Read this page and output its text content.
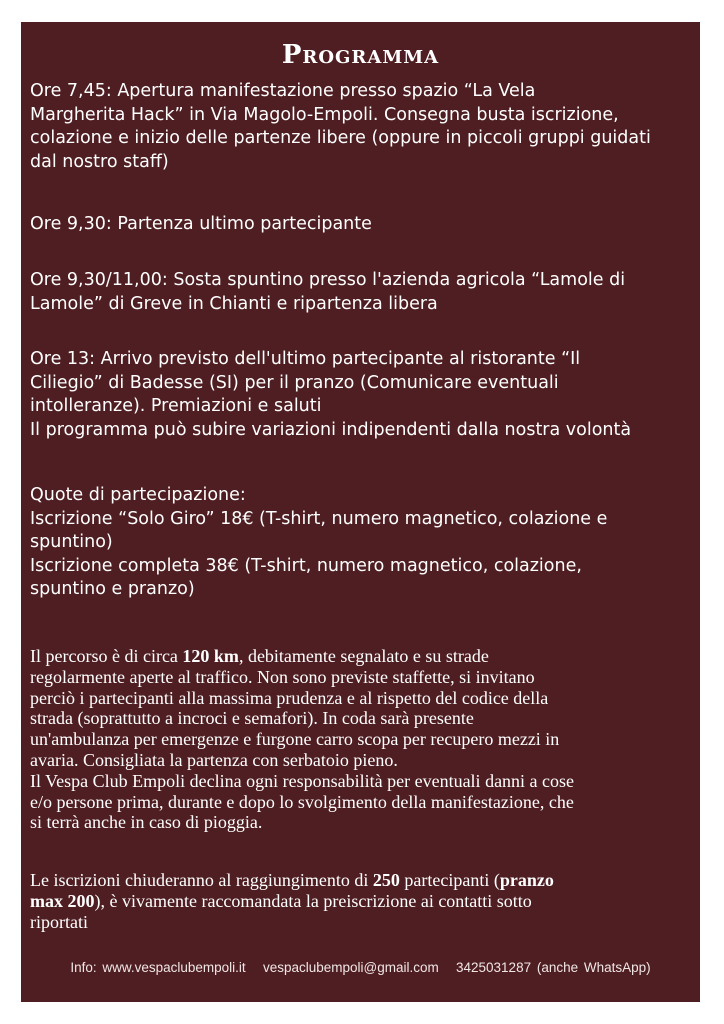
Programma
Ore 7,45: Apertura manifestazione presso spazio “La Vela
Margherita Hack” in Via Magolo-Empoli. Consegna busta iscrizione,
colazione e inizio delle partenze libere (oppure in piccoli gruppi guidati
dal nostro staff)
Ore 9,30: Partenza ultimo partecipante
Ore 9,30/11,00: Sosta spuntino presso l'azienda agricola “Lamole di
Lamole” di Greve in Chianti e ripartenza libera
Ore 13: Arrivo previsto dell'ultimo partecipante al ristorante “Il
Ciliegio” di Badesse (SI) per il pranzo (Comunicare eventuali
intolleranze). Premiazioni e saluti
Il programma può subire variazioni indipendenti dalla nostra volontà
Quote di partecipazione:
Iscrizione “Solo Giro” 18€ (T-shirt, numero magnetico, colazione e
spuntino)
Iscrizione completa 38€ (T-shirt, numero magnetico, colazione,
spuntino e pranzo)

Il percorso è di circa 120 km, debitamente segnalato e su strade

regolarmente aperte al traffico. Non sono previste staffette, si invitano

perciò i partecipanti alla massima prudenza e al rispetto del codice della

strada (soprattutto a incroci e semafori). In coda sarà presente

un'ambulanza per emergenze e furgone carro scopa per recupero mezzi in

avaria. Consigliata la partenza con serbatoio pieno.

Il Vespa Club Empoli declina ogni responsabilità per eventuali danni a cose

e/o persone prima, durante e dopo lo svolgimento della manifestazione, che

si terrà anche in caso di pioggia.

Le iscrizioni chiuderanno al raggiungimento di 250 partecipanti (pranzo

max 200), è vivamente raccomandata la preiscrizione ai contatti sotto

riportati

Info: www.vespaclubempoli.it vespaclubempoli@gmail.com 3425031287 (anche WhatsApp)
